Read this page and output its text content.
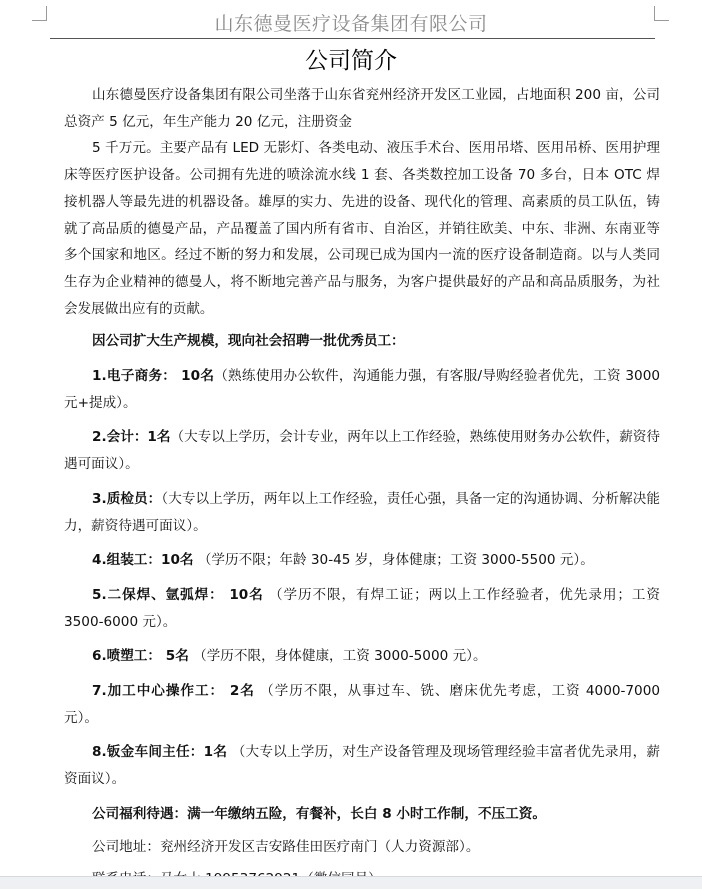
山东德曼医疗设备集团有限公司
公司简介

山东德曼医疗设备集团有限公司坐落于山东省兖州经济开发区工业园，占地面积 200 亩，公司总资产 5 亿元，年生产能力 20 亿元，注册资金

5 千万元。主要产品有 LED 无影灯、各类电动、液压手术台、医用吊塔、医用吊桥、医用护理床等医疗医护设备。公司拥有先进的喷涂流水线 1 套、各类数控加工设备 70 多台，日本 OTC 焊接机器人等最先进的机器设备。雄厚的实力、先进的设备、现代化的管理、高素质的员工队伍，铸就了高品质的德曼产品，产品覆盖了国内所有省市、自治区，并销往欧美、中东、非洲、东南亚等多个国家和地区。经过不断的努力和发展，公司现已成为国内一流的医疗设备制造商。以与人类同生存为企业精神的德曼人，将不断地完善产品与服务，为客户提供最好的产品和高品质服务，为社会发展做出应有的贡献。

因公司扩大生产规模，现向社会招聘一批优秀员工：

1.电子商务： 10名（熟练使用办公软件，沟通能力强，有客服/导购经验者优先，工资 3000 元+提成）。

2.会计：1名（大专以上学历，会计专业，两年以上工作经验，熟练使用财务办公软件，薪资待遇可面议）。

3.质检员：（大专以上学历，两年以上工作经验，责任心强，具备一定的沟通协调、分析解决能力，薪资待遇可面议）。

4.组装工：10名 （学历不限；年龄 30-45 岁，身体健康；工资 3000-5500 元）。

5.二保焊、氩弧焊： 10名 （学历不限，有焊工证；两以上工作经验者，优先录用；工资 3500-6000 元）。

6.喷塑工： 5名 （学历不限，身体健康，工资 3000-5000 元）。

7.加工中心操作工： 2名 （学历不限，从事过车、铣、磨床优先考虑，工资 4000-7000 元）。

8.钣金车间主任：1名 （大专以上学历，对生产设备管理及现场管理经验丰富者优先录用，薪资面议）。

公司福利待遇：满一年缴纳五险，有餐补，长白 8 小时工作制，不压工资。

公司地址：兖州经济开发区吉安路佳田医疗南门（人力资源部）。
